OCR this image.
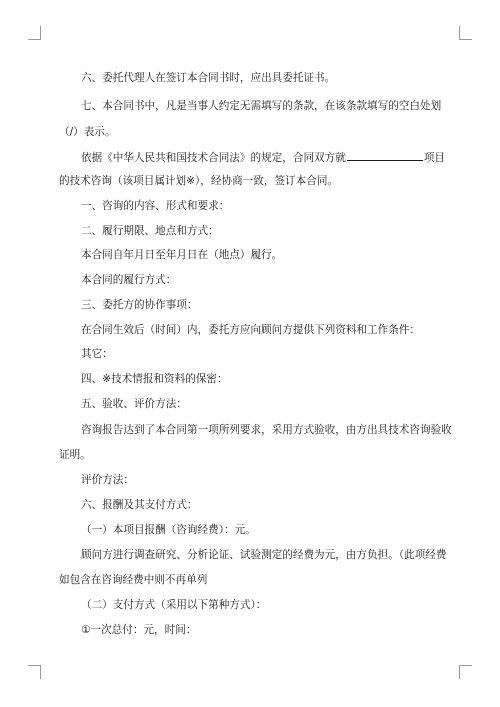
六、委托代理人在签订本合同书时，应出具委托证书。
七、本合同书中，凡是当事人约定无需填写的条款，在该条款填写的空白处划
（/）表示。
依据《中华人民共和国技术合同法》的规定，合同双方就	项目
的技术咨询（该项目属计划※），经协商一致，签订本合同。
一、咨询的内容、形式和要求：
二、履行期限、地点和方式：
本合同自年月日至年月日在（地点）履行。
本合同的履行方式：
三、委托方的协作事项：
在合同生效后（时间）内，委托方应向顾问方提供下列资料和工作条件：
其它：
四、※技术情报和资料的保密：
五、验收、评价方法：
咨询报告达到了本合同第一项所列要求，采用方式验收，由方出具技术咨询验收
证明。
评价方法：
六、报酬及其支付方式：
（一）本项目报酬（咨询经费）：元。
顾问方进行调查研究、分析论证、试验测定的经费为元，由方负担。（此项经费
如包含在咨询经费中则不再单列
（二）支付方式（采用以下第种方式）：
①一次总付：元，时间：
